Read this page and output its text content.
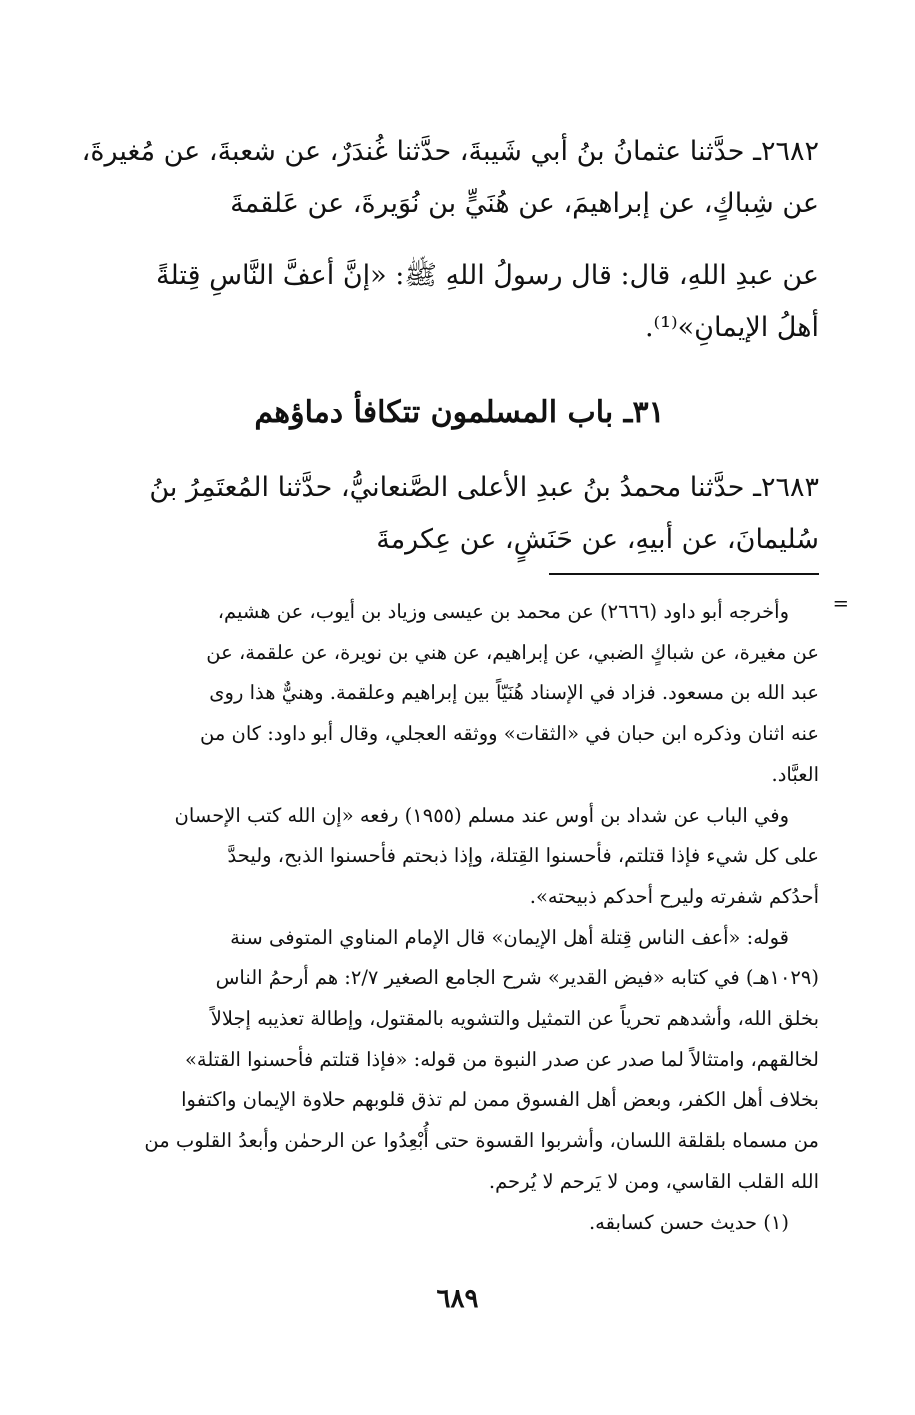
٢٦٨٢ـ حدَّثنا عثمانُ بنُ أبي شَيبةَ، حدَّثنا غُندَرٌ، عن شعبةَ، عن مُغيرةَ،
عن شِباكٍ، عن إبراهيمَ، عن هُنَيٍّ بن نُوَيرةَ، عن عَلقمةَ
عن عبدِ اللهِ، قال: قال رسولُ اللهِ ﷺ: «إنَّ أعفَّ النَّاسِ قِتلةً
أهلُ الإيمانِ»⁽¹⁾.
٣١ـ باب المسلمون تتكافأ دماؤهم
٢٦٨٣ـ حدَّثنا محمدُ بنُ عبدِ الأعلى الصَّنعانيُّ، حدَّثنا المُعتَمِرُ بنُ
سُليمانَ، عن أبيهِ، عن حَنَشٍ، عن عِكرمةَ
=
وأخرجه أبو داود (٢٦٦٦) عن محمد بن عيسى وزياد بن أيوب، عن هشيم،
عن مغيرة، عن شباكٍ الضبي، عن إبراهيم، عن هني بن نويرة، عن علقمة، عن
عبد الله بن مسعود. فزاد في الإسناد هُنَيّاً بين إبراهيم وعلقمة. وهنيٌّ هذا روى
عنه اثنان وذكره ابن حبان في «الثقات» ووثقه العجلي، وقال أبو داود: كان من
العبَّاد.
وفي الباب عن شداد بن أوس عند مسلم (١٩٥٥) رفعه «إن الله كتب الإحسان
على كل شيء فإذا قتلتم، فأحسنوا القِتلة، وإذا ذبحتم فأحسنوا الذبح، وليحدَّ
أحدُكم شفرته وليرح أحدكم ذبيحته».
قوله: «أعف الناس قِتلة أهل الإيمان» قال الإمام المناوي المتوفى سنة
(١٠٢٩هـ) في كتابه «فيض القدير» شرح الجامع الصغير ٢/٧: هم أرحمُ الناس
بخلق الله، وأشدهم تحرياً عن التمثيل والتشويه بالمقتول، وإطالة تعذيبه إجلالاً
لخالقهم، وامتثالاً لما صدر عن صدر النبوة من قوله: «فإذا قتلتم فأحسنوا القتلة»
بخلاف أهل الكفر، وبعض أهل الفسوق ممن لم تذق قلوبهم حلاوة الإيمان واكتفوا
من مسماه بلقلقة اللسان، وأشربوا القسوة حتى أُبْعِدُوا عن الرحمٰن وأبعدُ القلوب من
الله القلب القاسي، ومن لا يَرحم لا يُرحم.
(١) حديث حسن كسابقه.
٦٨٩
